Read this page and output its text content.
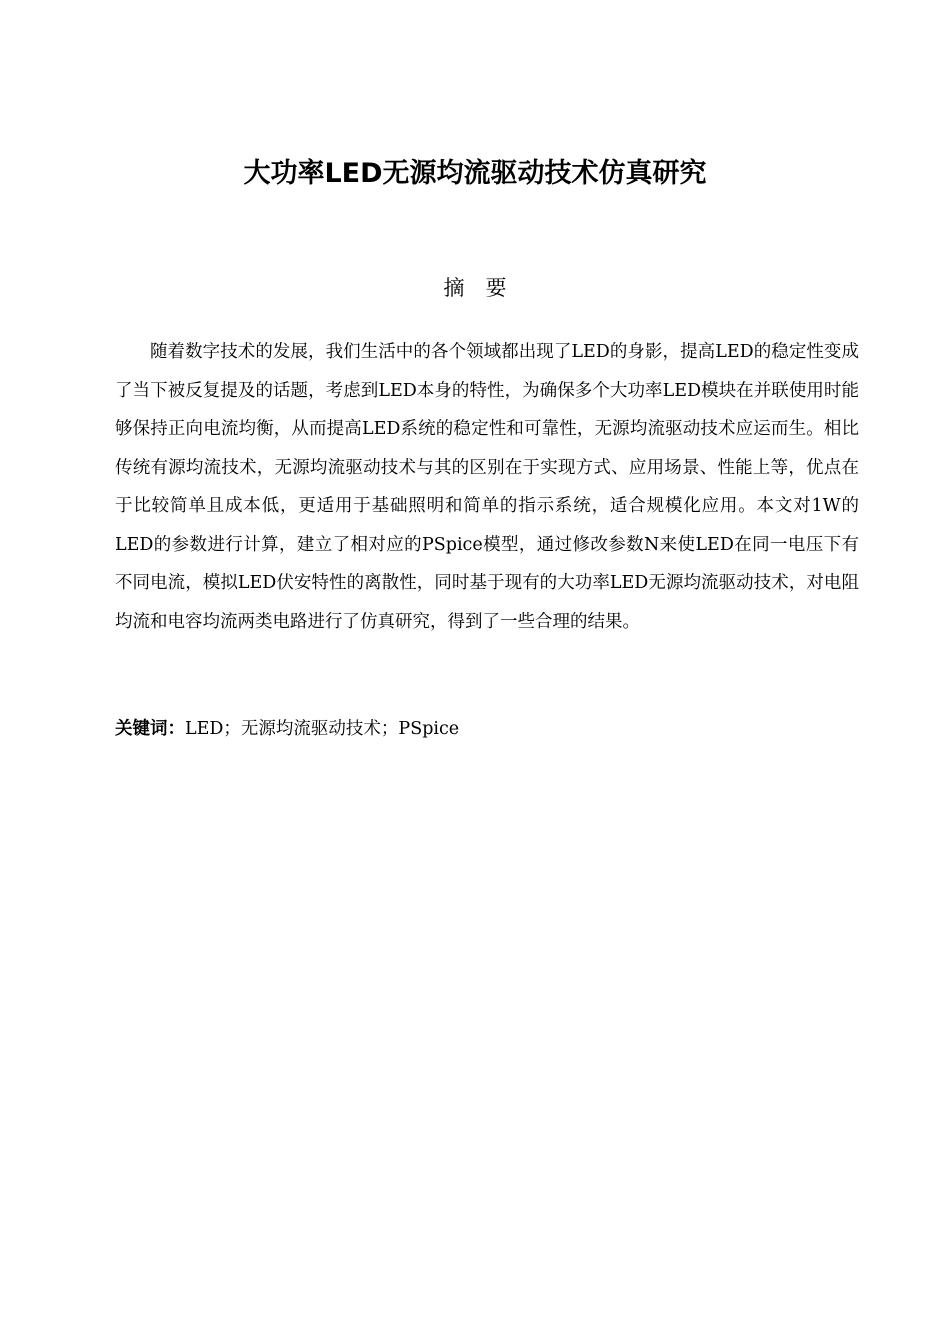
大功率LED无源均流驱动技术仿真研究
摘　要

随着数字技术的发展，我们生活中的各个领域都出现了LED的身影，提高LED的稳定性变成了当下被反复提及的话题，考虑到LED本身的特性，为确保多个大功率LED模块在并联使用时能够保持正向电流均衡，从而提高LED系统的稳定性和可靠性，无源均流驱动技术应运而生。相比传统有源均流技术，无源均流驱动技术与其的区别在于实现方式、应用场景、性能上等，优点在于比较简单且成本低，更适用于基础照明和简单的指示系统，适合规模化应用。本文对1W的LED的参数进行计算，建立了相对应的PSpice模型，通过修改参数N来使LED在同一电压下有不同电流，模拟LED伏安特性的离散性，同时基于现有的大功率LED无源均流驱动技术，对电阻均流和电容均流两类电路进行了仿真研究，得到了一些合理的结果。

关键词：LED；无源均流驱动技术；PSpice
